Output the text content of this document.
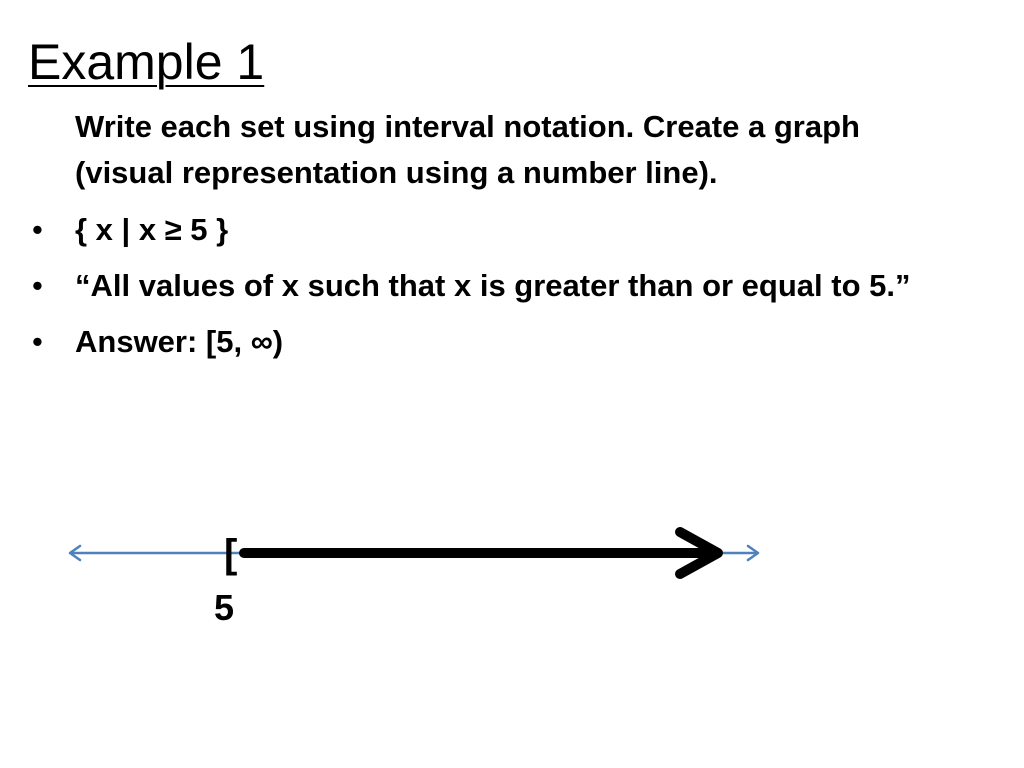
Example 1
Write each set using interval notation. Create a graph (visual representation using a number line).
• { x | x ≥ 5 }
• “All values of x such that x is greater than or equal to 5.”
• Answer: [5, ∞)
[
5
